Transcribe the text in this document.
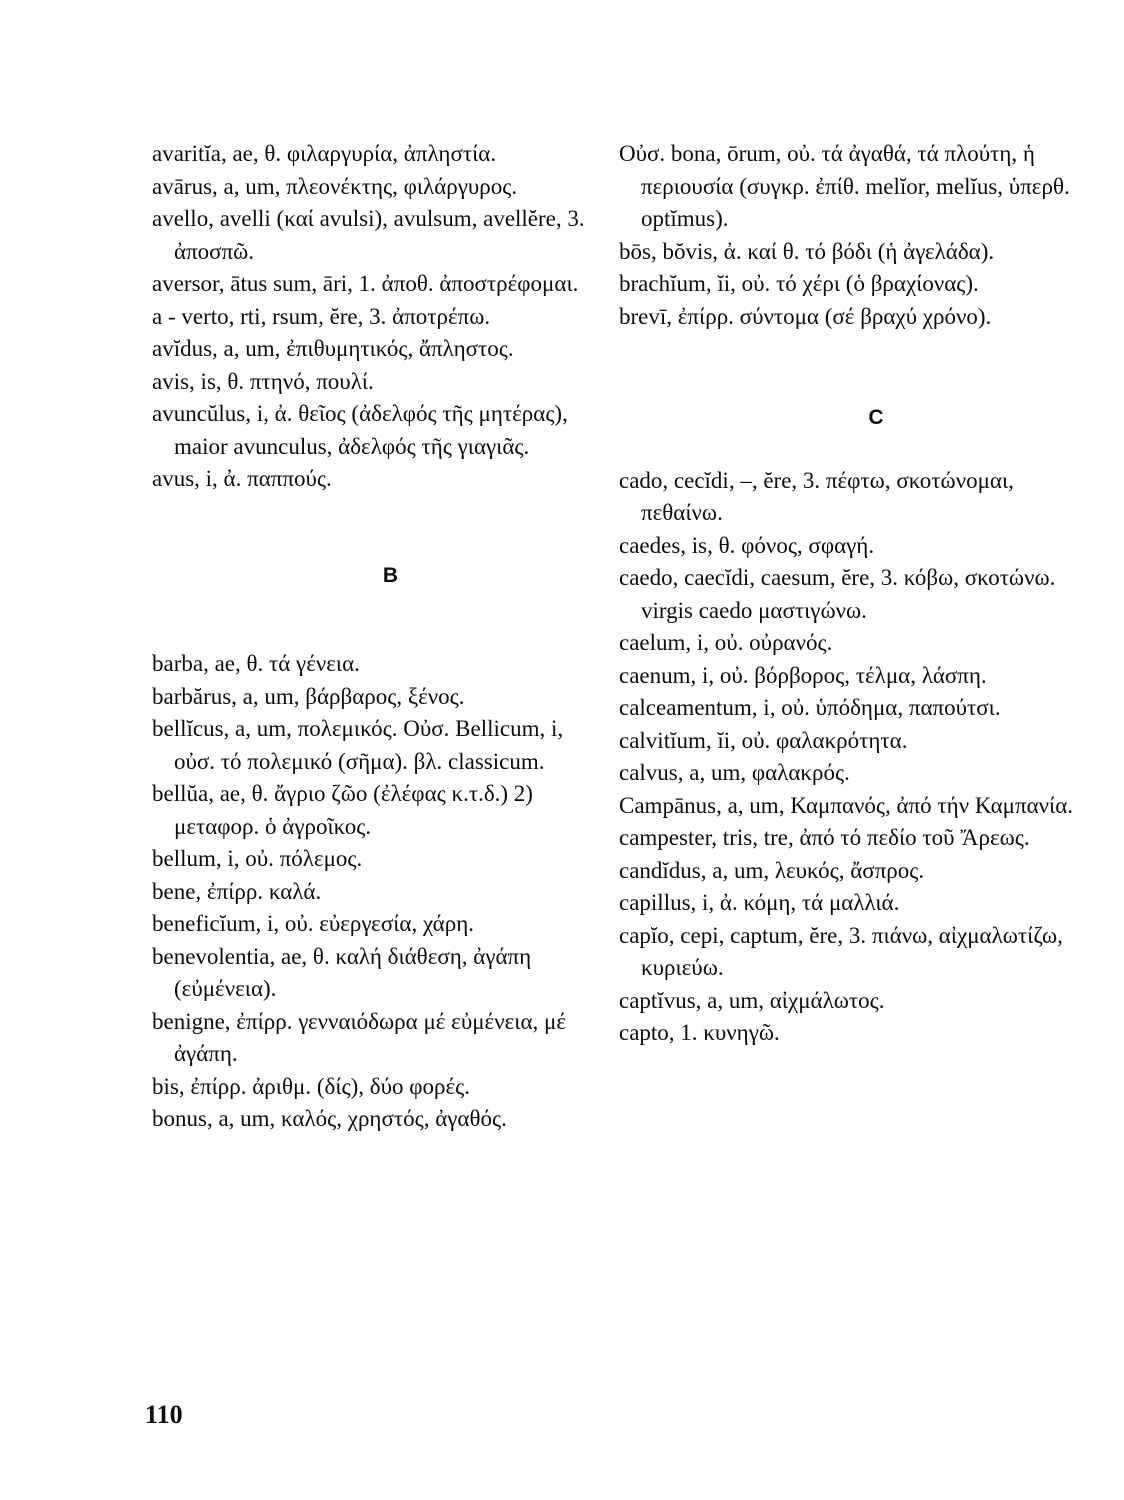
avaritĭa, ae, θ. φιλαργυρία, ἀπληστία.

avārus, a, um, πλεονέκτης, φιλάργυρος.

avello, avelli (καί avulsi), avulsum, avellĕre, 3. ἀποσπῶ.

aversor, ātus sum, āri, 1. ἀποθ. ἀποστρέφομαι.

a - verto, rti, rsum, ĕre, 3. ἀποτρέπω.

avĭdus, a, um, ἐπιθυμητικός, ἄπληστος.

avis, is, θ. πτηνό, πουλί.

avuncŭlus, i, ἀ. θεῖος (ἀδελφός τῆς μητέρας), maior avunculus, ἀδελφός τῆς γιαγιᾶς.

avus, i, ἀ. παππούς.

B

barba, ae, θ. τά γένεια.

barbărus, a, um, βάρβαρος, ξένος.

bellĭcus, a, um, πολεμικός. Οὐσ. Bellicum, i, οὐσ. τό πολεμικό (σῆμα). βλ. classicum.

bellŭa, ae, θ. ἄγριο ζῶο (ἐλέφας κ.τ.δ.) 2) μεταφορ. ὁ ἀγροῖκος.

bellum, i, οὐ. πόλεμος.

bene, ἐπίρρ. καλά.

beneficĭum, i, οὐ. εὐεργεσία, χάρη.

benevolentia, ae, θ. καλή διάθεση, ἀγάπη (εὐμένεια).

benigne, ἐπίρρ. γενναιόδωρα μέ εὐμένεια, μέ ἀγάπη.

bis, ἐπίρρ. ἀριθμ. (δίς), δύο φορές.

bonus, a, um, καλός, χρηστός, ἀγαθός.

Οὐσ. bona, ōrum, οὐ. τά ἀγαθά, τά πλούτη, ἡ περιουσία (συγκρ. ἐπίθ. melĭor, melĭus, ὑπερθ. optĭmus).

bōs, bŏvis, ἀ. καί θ. τό βόδι (ἡ ἀγελάδα).

brachĭum, ĭi, οὐ. τό χέρι (ὁ βραχίονας).

brevī, ἐπίρρ. σύντομα (σέ βραχύ χρόνο).

C

cado, cecĭdi, –, ĕre, 3. πέφτω, σκοτώνομαι, πεθαίνω.

caedes, is, θ. φόνος, σφαγή.

caedo, caecĭdi, caesum, ĕre, 3. κόβω, σκοτώνω. virgis caedo μαστιγώνω.

caelum, i, οὐ. οὐρανός.

caenum, i, οὐ. βόρβορος, τέλμα, λάσπη.

calceamentum, i, οὐ. ὑπόδημα, παπούτσι.

calvitĭum, ĭi, οὐ. φαλακρότητα.

calvus, a, um, φαλακρός.

Campānus, a, um, Καμπανός, ἀπό τήν Καμπανία.

campester, tris, tre, ἀπό τό πεδίο τοῦ Ἄρεως.

candĭdus, a, um, λευκός, ἄσπρος.

capillus, i, ἀ. κόμη, τά μαλλιά.

capĭo, cepi, captum, ĕre, 3. πιάνω, αἰχμαλωτίζω, κυριεύω.

captĭvus, a, um, αἰχμάλωτος.

capto, 1. κυνηγῶ.

110
